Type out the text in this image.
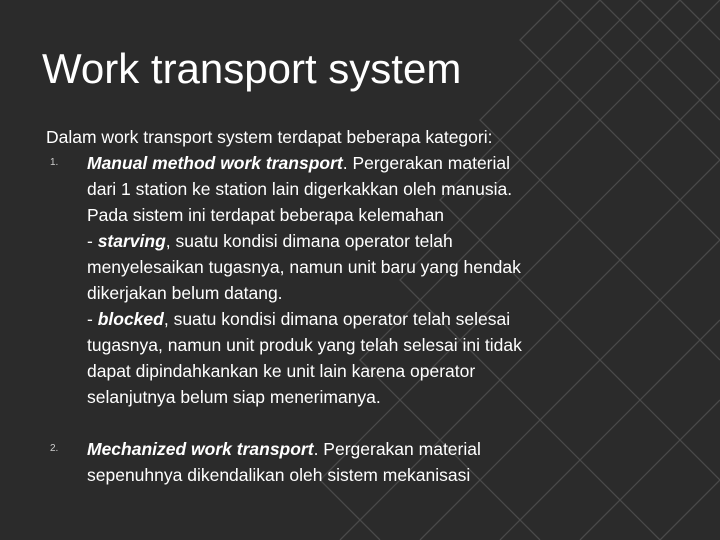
Work transport system

Dalam work transport system terdapat beberapa kategori:

1. Manual method work transport. Pergerakan material
dari 1 station ke station lain digerkakkan oleh manusia.
Pada sistem ini terdapat beberapa kelemahan
- starving, suatu kondisi dimana operator telah
menyelesaikan tugasnya, namun unit baru yang hendak
dikerjakan belum datang.
- blocked, suatu kondisi dimana operator telah selesai
tugasnya, namun unit produk yang telah selesai ini tidak
dapat dipindahkankan ke unit lain karena operator
selanjutnya belum siap menerimanya.
2. Mechanized work transport. Pergerakan material
sepenuhnya dikendalikan oleh sistem mekanisasi
